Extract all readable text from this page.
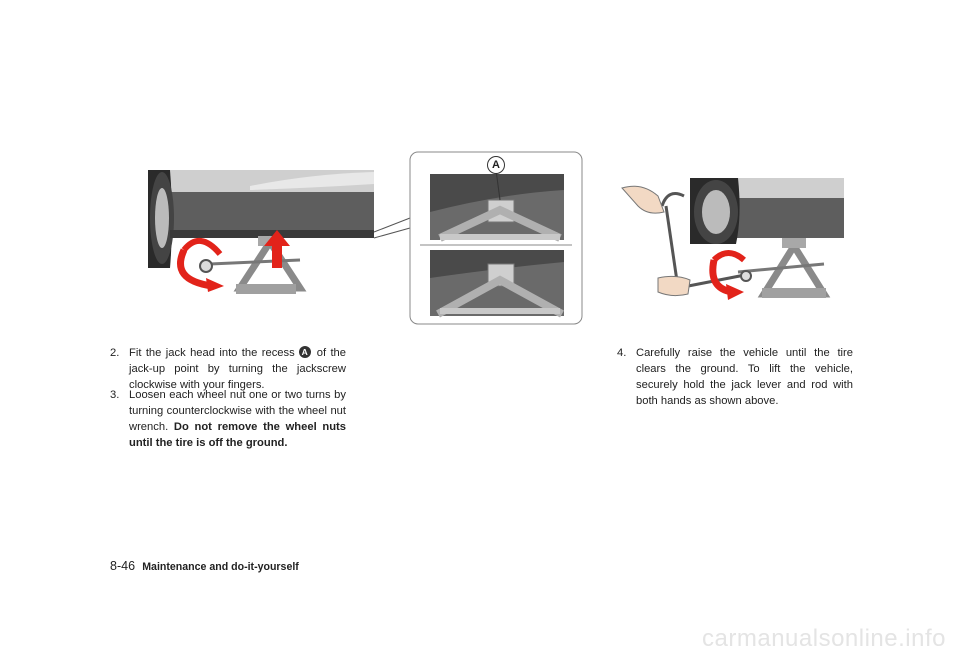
A
2. Fit the jack head into the recess A of the jack-up point by turning the jackscrew clockwise with your fingers.
3. Loosen each wheel nut one or two turns by turning counterclockwise with the wheel nut wrench. Do not remove the wheel nuts until the tire is off the ground.
4. Carefully raise the vehicle until the tire clears the ground. To lift the vehicle, securely hold the jack lever and rod with both hands as shown above.
8-46 Maintenance and do-it-yourself
carmanualsonline.info
